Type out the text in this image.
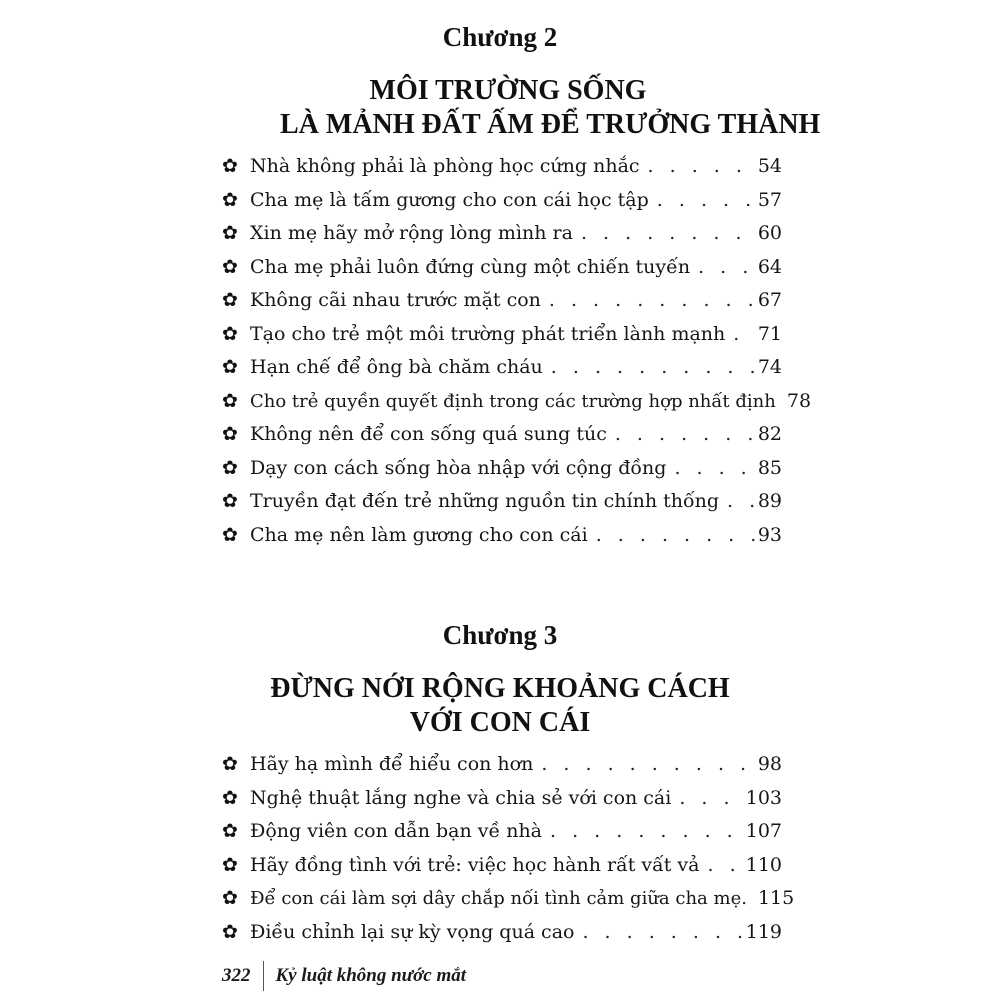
Chương 2
MÔI TRƯỜNG SỐNG
LÀ MẢNH ĐẤT ẤM ĐỂ TRƯỞNG THÀNH
✿ Nhà không phải là phòng học cứng nhắc . . .	54
✿ Cha mẹ là tấm gương cho con cái học tập . . .	57
✿ Xin mẹ hãy mở rộng lòng mình ra . . .	60
✿ Cha mẹ phải luôn đứng cùng một chiến tuyến . . .	64
✿ Không cãi nhau trước mặt con . . .	67
✿ Tạo cho trẻ một môi trường phát triển lành mạnh . . . 71
✿ Hạn chế để ông bà chăm cháu . . .	74
✿ Cho trẻ quyền quyết định trong các trường hợp nhất định 78
✿ Không nên để con sống quá sung túc . . .	82
✿ Dạy con cách sống hòa nhập với cộng đồng . . .	85
✿ Truyền đạt đến trẻ những nguồn tin chính thống . . . 89
✿ Cha mẹ nên làm gương cho con cái . . .	93
Chương 3
ĐỪNG NỚI RỘNG KHOẢNG CÁCH
VỚI CON CÁI
✿ Hãy hạ mình để hiểu con hơn . . .	98
✿ Nghệ thuật lắng nghe và chia sẻ với con cái . . .	103
✿ Động viên con dẫn bạn về nhà . . .	107
✿ Hãy đồng tình với trẻ: việc học hành rất vất vả . . . 110
✿ Để con cái làm sợi dây chắp nối tình cảm giữa cha mẹ. 115
✿ Điều chỉnh lại sự kỳ vọng quá cao . . .	119
322	Kỷ luật không nước mắt
